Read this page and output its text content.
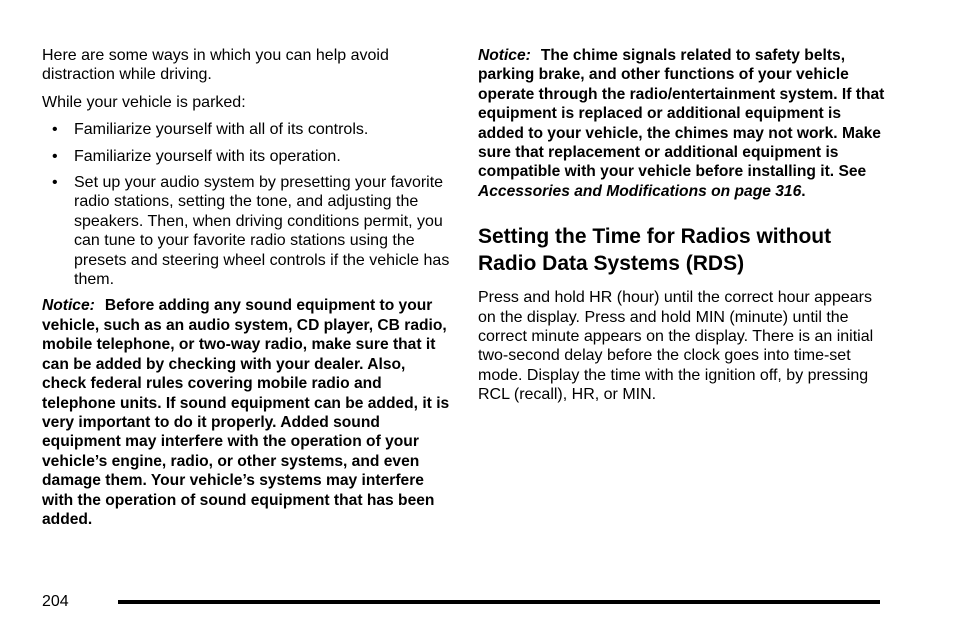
Here are some ways in which you can help avoid distraction while driving.

While your vehicle is parked:

• Familiarize yourself with all of its controls.
• Familiarize yourself with its operation.
• Set up your audio system by presetting your favorite radio stations, setting the tone, and adjusting the speakers. Then, when driving conditions permit, you can tune to your favorite radio stations using the presets and steering wheel controls if the vehicle has them.

Notice: Before adding any sound equipment to your vehicle, such as an audio system, CD player, CB radio, mobile telephone, or two-way radio, make sure that it can be added by checking with your dealer. Also, check federal rules covering mobile radio and telephone units. If sound equipment can be added, it is very important to do it properly. Added sound equipment may interfere with the operation of your vehicle’s engine, radio, or other systems, and even damage them. Your vehicle’s systems may interfere with the operation of sound equipment that has been added.

Notice: The chime signals related to safety belts, parking brake, and other functions of your vehicle operate through the radio/entertainment system. If that equipment is replaced or additional equipment is added to your vehicle, the chimes may not work. Make sure that replacement or additional equipment is compatible with your vehicle before installing it. See Accessories and Modifications on page 316.

Setting the Time for Radios without Radio Data Systems (RDS)

Press and hold HR (hour) until the correct hour appears on the display. Press and hold MIN (minute) until the correct minute appears on the display. There is an initial two-second delay before the clock goes into time-set mode. Display the time with the ignition off, by pressing RCL (recall), HR, or MIN.

204
